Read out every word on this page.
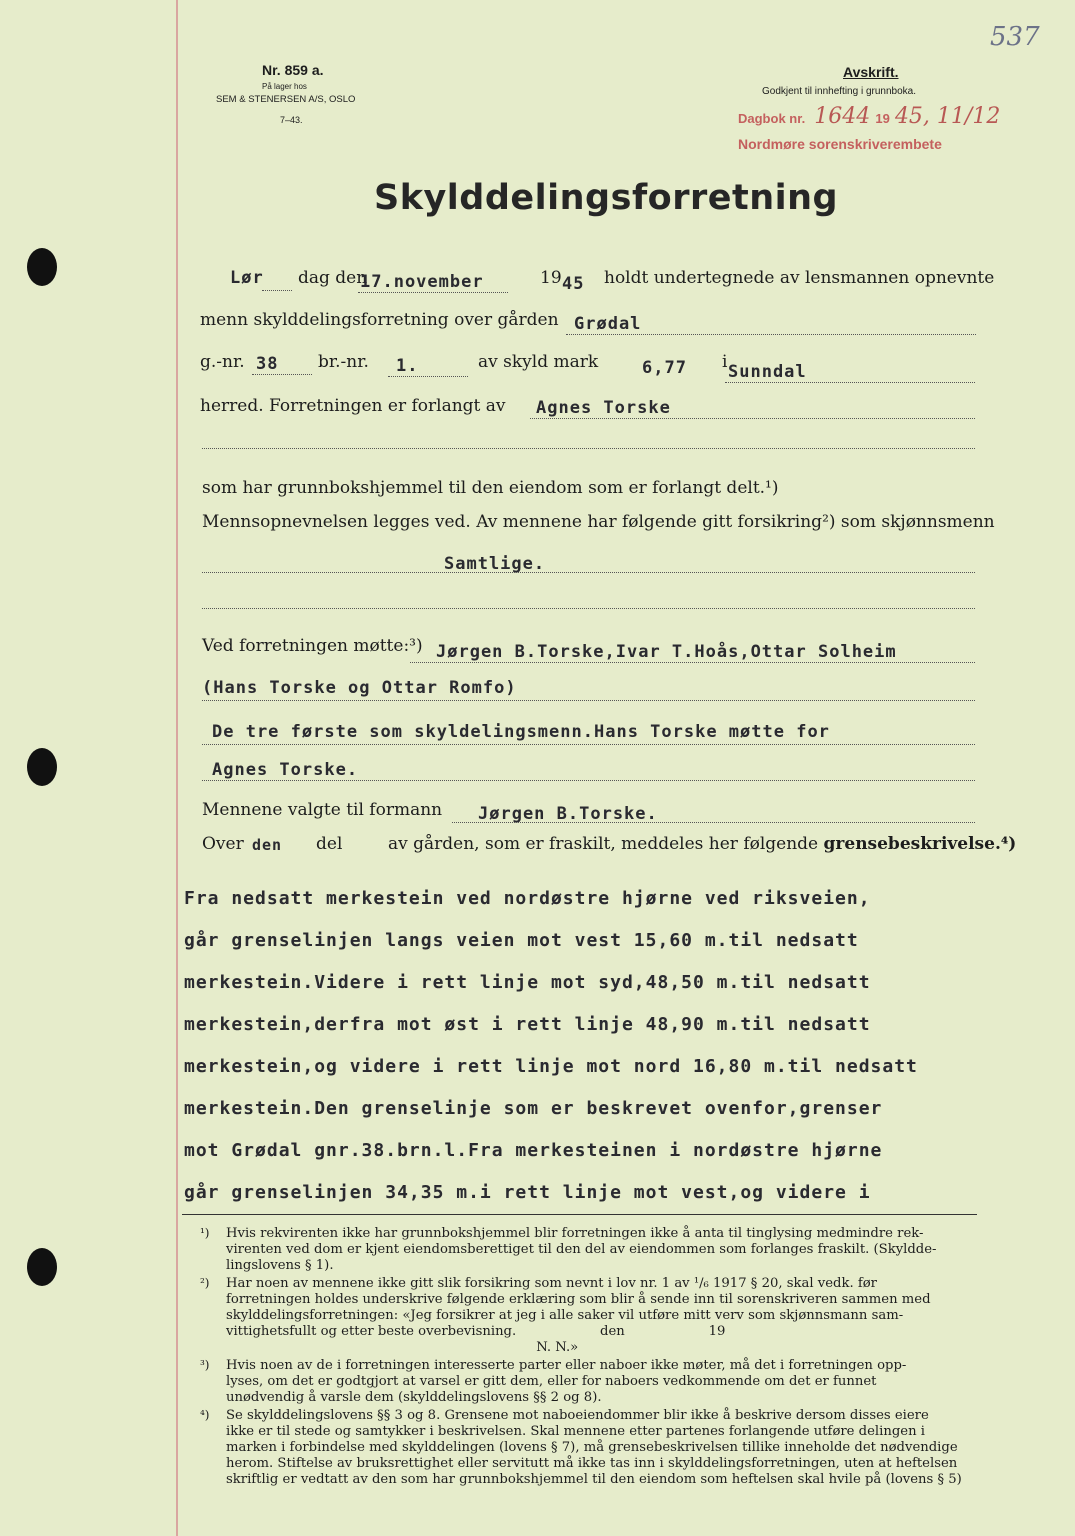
537
Nr. 859 a.
På lager hos
SEM & STENERSEN A/S, OSLO
7–43.
Avskrift.
Godkjent til innhefting i grunnboka.
Dagbok nr. 1644 19 45, 11/12
Nordmøre sorenskriverembete
Skylddelingsforretning
Lør dag den
17.november	19 45 holdt undertegnede av lensmannen opnevnte
menn skylddelingsforretning over gården Grødal
g.-nr. 38 br.-nr. 1.	av skyld mark	6,77 i Sunndal
herred. Forretningen er forlangt av Agnes Torske
som har grunnbokshjemmel til den eiendom som er forlangt delt.¹)
Mennsopnevnelsen legges ved. Av mennene har følgende gitt forsikring²) som skjønnsmenn
Samtlige.
Ved forretningen møtte:³) Jørgen B.Torske,Ivar T.Hoås,Ottar Solheim
(Hans Torske og Ottar Romfo)
De tre første som skyldelingsmenn.Hans Torske møtte for
Agnes Torske.
Mennene valgte til formann Jørgen B.Torske.
Over den del	av gården, som er fraskilt, meddeles her følgende grensebeskrivelse.⁴)
Fra nedsatt merkestein ved nordøstre hjørne ved riksveien,
går grenselinjen langs veien mot vest 15,60 m.til nedsatt
merkestein.Videre i rett linje mot syd,48,50 m.til nedsatt
merkestein,derfra mot øst i rett linje 48,90 m.til nedsatt
merkestein,og videre i rett linje mot nord 16,80 m.til nedsatt
merkestein.Den grenselinje som er beskrevet ovenfor,grenser
mot Grødal gnr.38.brn.l.Fra merkesteinen i nordøstre hjørne
går grenselinjen 34,35 m.i rett linje mot vest,og videre i
¹) Hvis rekvirenten ikke har grunnbokshjemmel blir forretningen ikke å anta til tinglysing medmindre rek-
virenten ved dom er kjent eiendomsberettiget til den del av eiendommen som forlanges fraskilt. (Skyldde-
lingslovens § 1).
²) Har noen av mennene ikke gitt slik forsikring som nevnt i lov nr. 1 av ¹/₆ 1917 § 20, skal vedk. før
forretningen holdes underskrive følgende erklæring som blir å sende inn til sorenskriveren sammen med
skylddelingsforretningen: «Jeg forsikrer at jeg i alle saker vil utføre mitt verv som skjønnsmann sam-
vittighetsfullt og etter beste overbevisning.                    den                    19
N. N.»
³) Hvis noen av de i forretningen interesserte parter eller naboer ikke møter, må det i forretningen opp-
lyses, om det er godtgjort at varsel er gitt dem, eller for naboers vedkommende om det er funnet
unødvendig å varsle dem (skylddelingslovens §§ 2 og 8).
⁴) Se skylddelingslovens §§ 3 og 8. Grensene mot naboeiendommer blir ikke å beskrive dersom disses eiere
ikke er til stede og samtykker i beskrivelsen. Skal mennene etter partenes forlangende utføre delingen i
marken i forbindelse med skylddelingen (lovens § 7), må grensebeskrivelsen tillike inneholde det nødvendige
herom. Stiftelse av bruksrettighet eller servitutt må ikke tas inn i skylddelingsforretningen, uten at heftelsen
skriftlig er vedtatt av den som har grunnbokshjemmel til den eiendom som heftelsen skal hvile på (lovens § 5)
